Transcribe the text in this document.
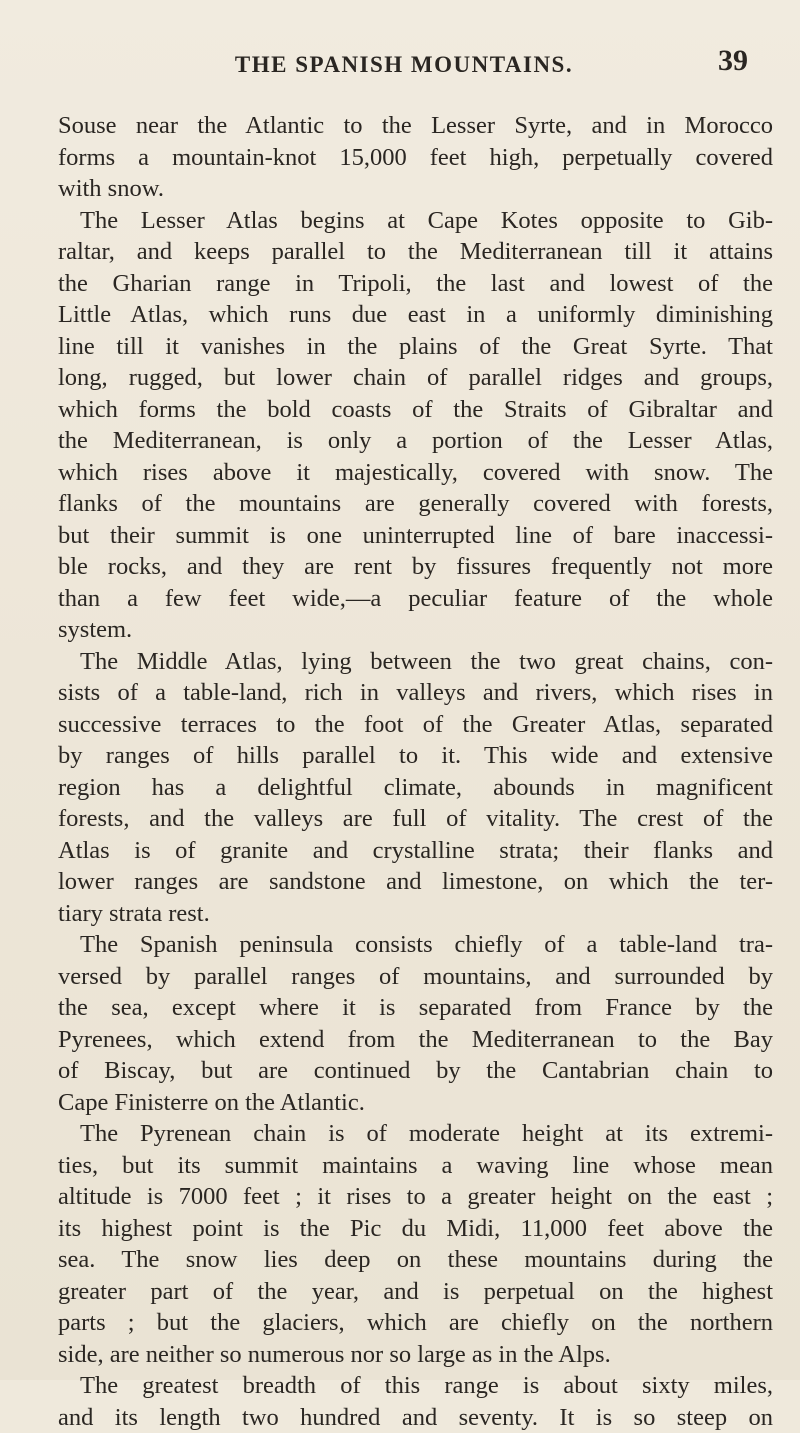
THE SPANISH MOUNTAINS.	39
Souse near the Atlantic to the Lesser Syrte, and in Morocco
forms a mountain-knot 15,000 feet high, perpetually covered
with snow.
The Lesser Atlas begins at Cape Kotes opposite to Gib-
raltar, and keeps parallel to the Mediterranean till it attains
the Gharian range in Tripoli, the last and lowest of the
Little Atlas, which runs due east in a uniformly diminishing
line till it vanishes in the plains of the Great Syrte. That
long, rugged, but lower chain of parallel ridges and groups,
which forms the bold coasts of the Straits of Gibraltar and
the Mediterranean, is only a portion of the Lesser Atlas,
which rises above it majestically, covered with snow. The
flanks of the mountains are generally covered with forests,
but their summit is one uninterrupted line of bare inaccessi-
ble rocks, and they are rent by fissures frequently not more
than a few feet wide,—a peculiar feature of the whole
system.
The Middle Atlas, lying between the two great chains, con-
sists of a table-land, rich in valleys and rivers, which rises in
successive terraces to the foot of the Greater Atlas, separated
by ranges of hills parallel to it. This wide and extensive
region has a delightful climate, abounds in magnificent
forests, and the valleys are full of vitality. The crest of the
Atlas is of granite and crystalline strata; their flanks and
lower ranges are sandstone and limestone, on which the ter-
tiary strata rest.
The Spanish peninsula consists chiefly of a table-land tra-
versed by parallel ranges of mountains, and surrounded by
the sea, except where it is separated from France by the
Pyrenees, which extend from the Mediterranean to the Bay
of Biscay, but are continued by the Cantabrian chain to
Cape Finisterre on the Atlantic.
The Pyrenean chain is of moderate height at its extremi-
ties, but its summit maintains a waving line whose mean
altitude is 7000 feet ; it rises to a greater height on the east ;
its highest point is the Pic du Midi, 11,000 feet above the
sea. The snow lies deep on these mountains during the
greater part of the year, and is perpetual on the highest
parts ; but the glaciers, which are chiefly on the northern
side, are neither so numerous nor so large as in the Alps.
The greatest breadth of this range is about sixty miles,
and its length two hundred and seventy. It is so steep on
